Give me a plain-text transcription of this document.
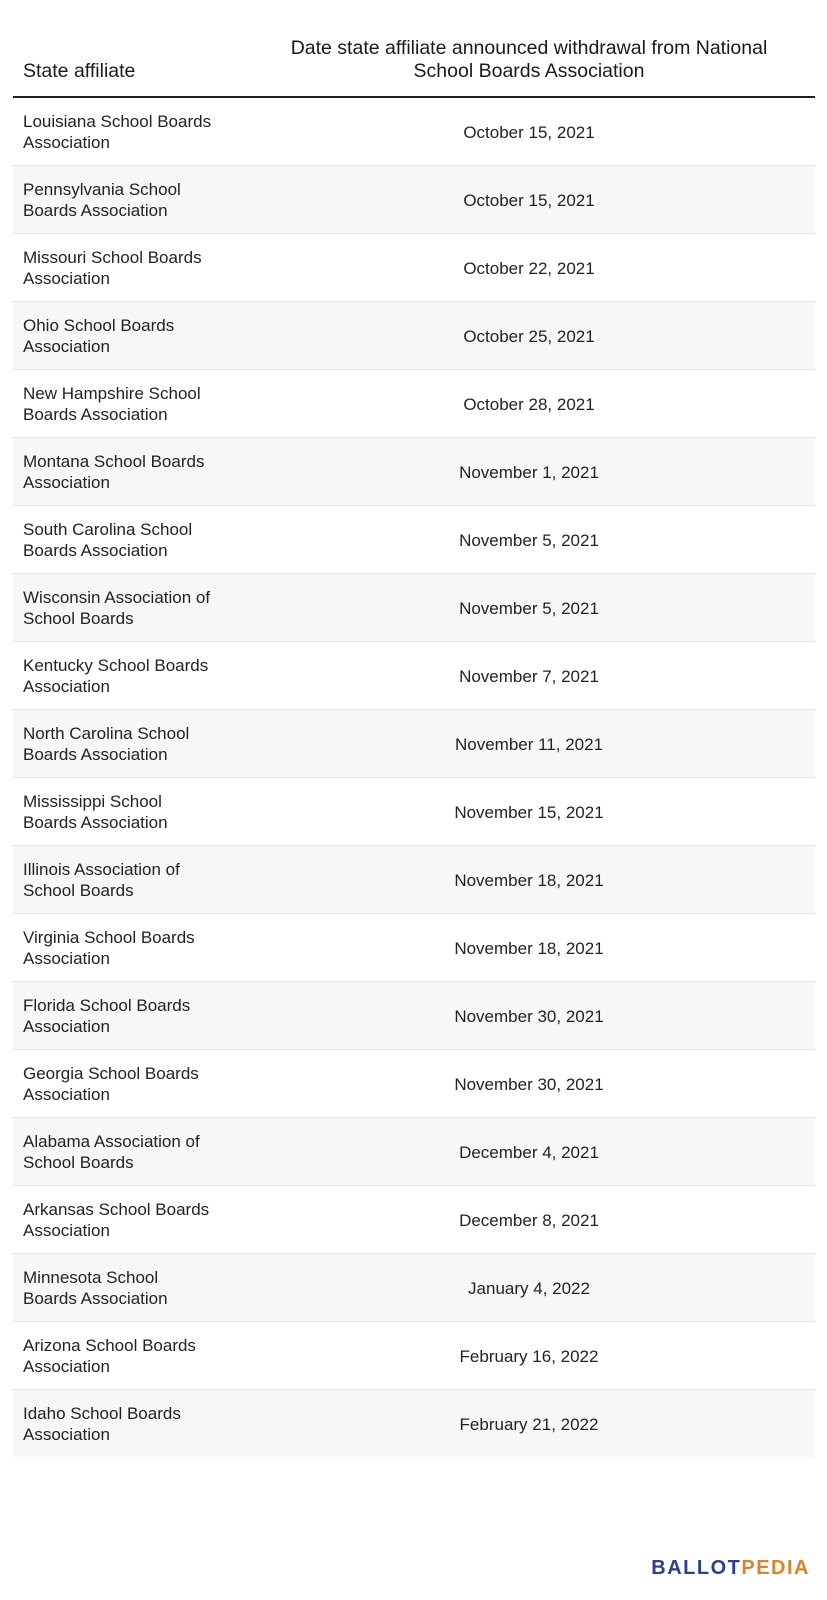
State affiliate	Date state affiliate announced withdrawal from National School Boards Association

Louisiana School Boards Association	October 15, 2021
Pennsylvania School Boards Association	October 15, 2021
Missouri School Boards Association	October 22, 2021
Ohio School Boards Association	October 25, 2021
New Hampshire School Boards Association	October 28, 2021
Montana School Boards Association	November 1, 2021
South Carolina School Boards Association	November 5, 2021
Wisconsin Association of School Boards	November 5, 2021
Kentucky School Boards Association	November 7, 2021
North Carolina School Boards Association	November 11, 2021
Mississippi School Boards Association	November 15, 2021
Illinois Association of School Boards	November 18, 2021
Virginia School Boards Association	November 18, 2021
Florida School Boards Association	November 30, 2021
Georgia School Boards Association	November 30, 2021
Alabama Association of School Boards	December 4, 2021
Arkansas School Boards Association	December 8, 2021
Minnesota School Boards Association	January 4, 2022
Arizona School Boards Association	February 16, 2022
Idaho School Boards Association	February 21, 2022
BALLOTPEDIA
